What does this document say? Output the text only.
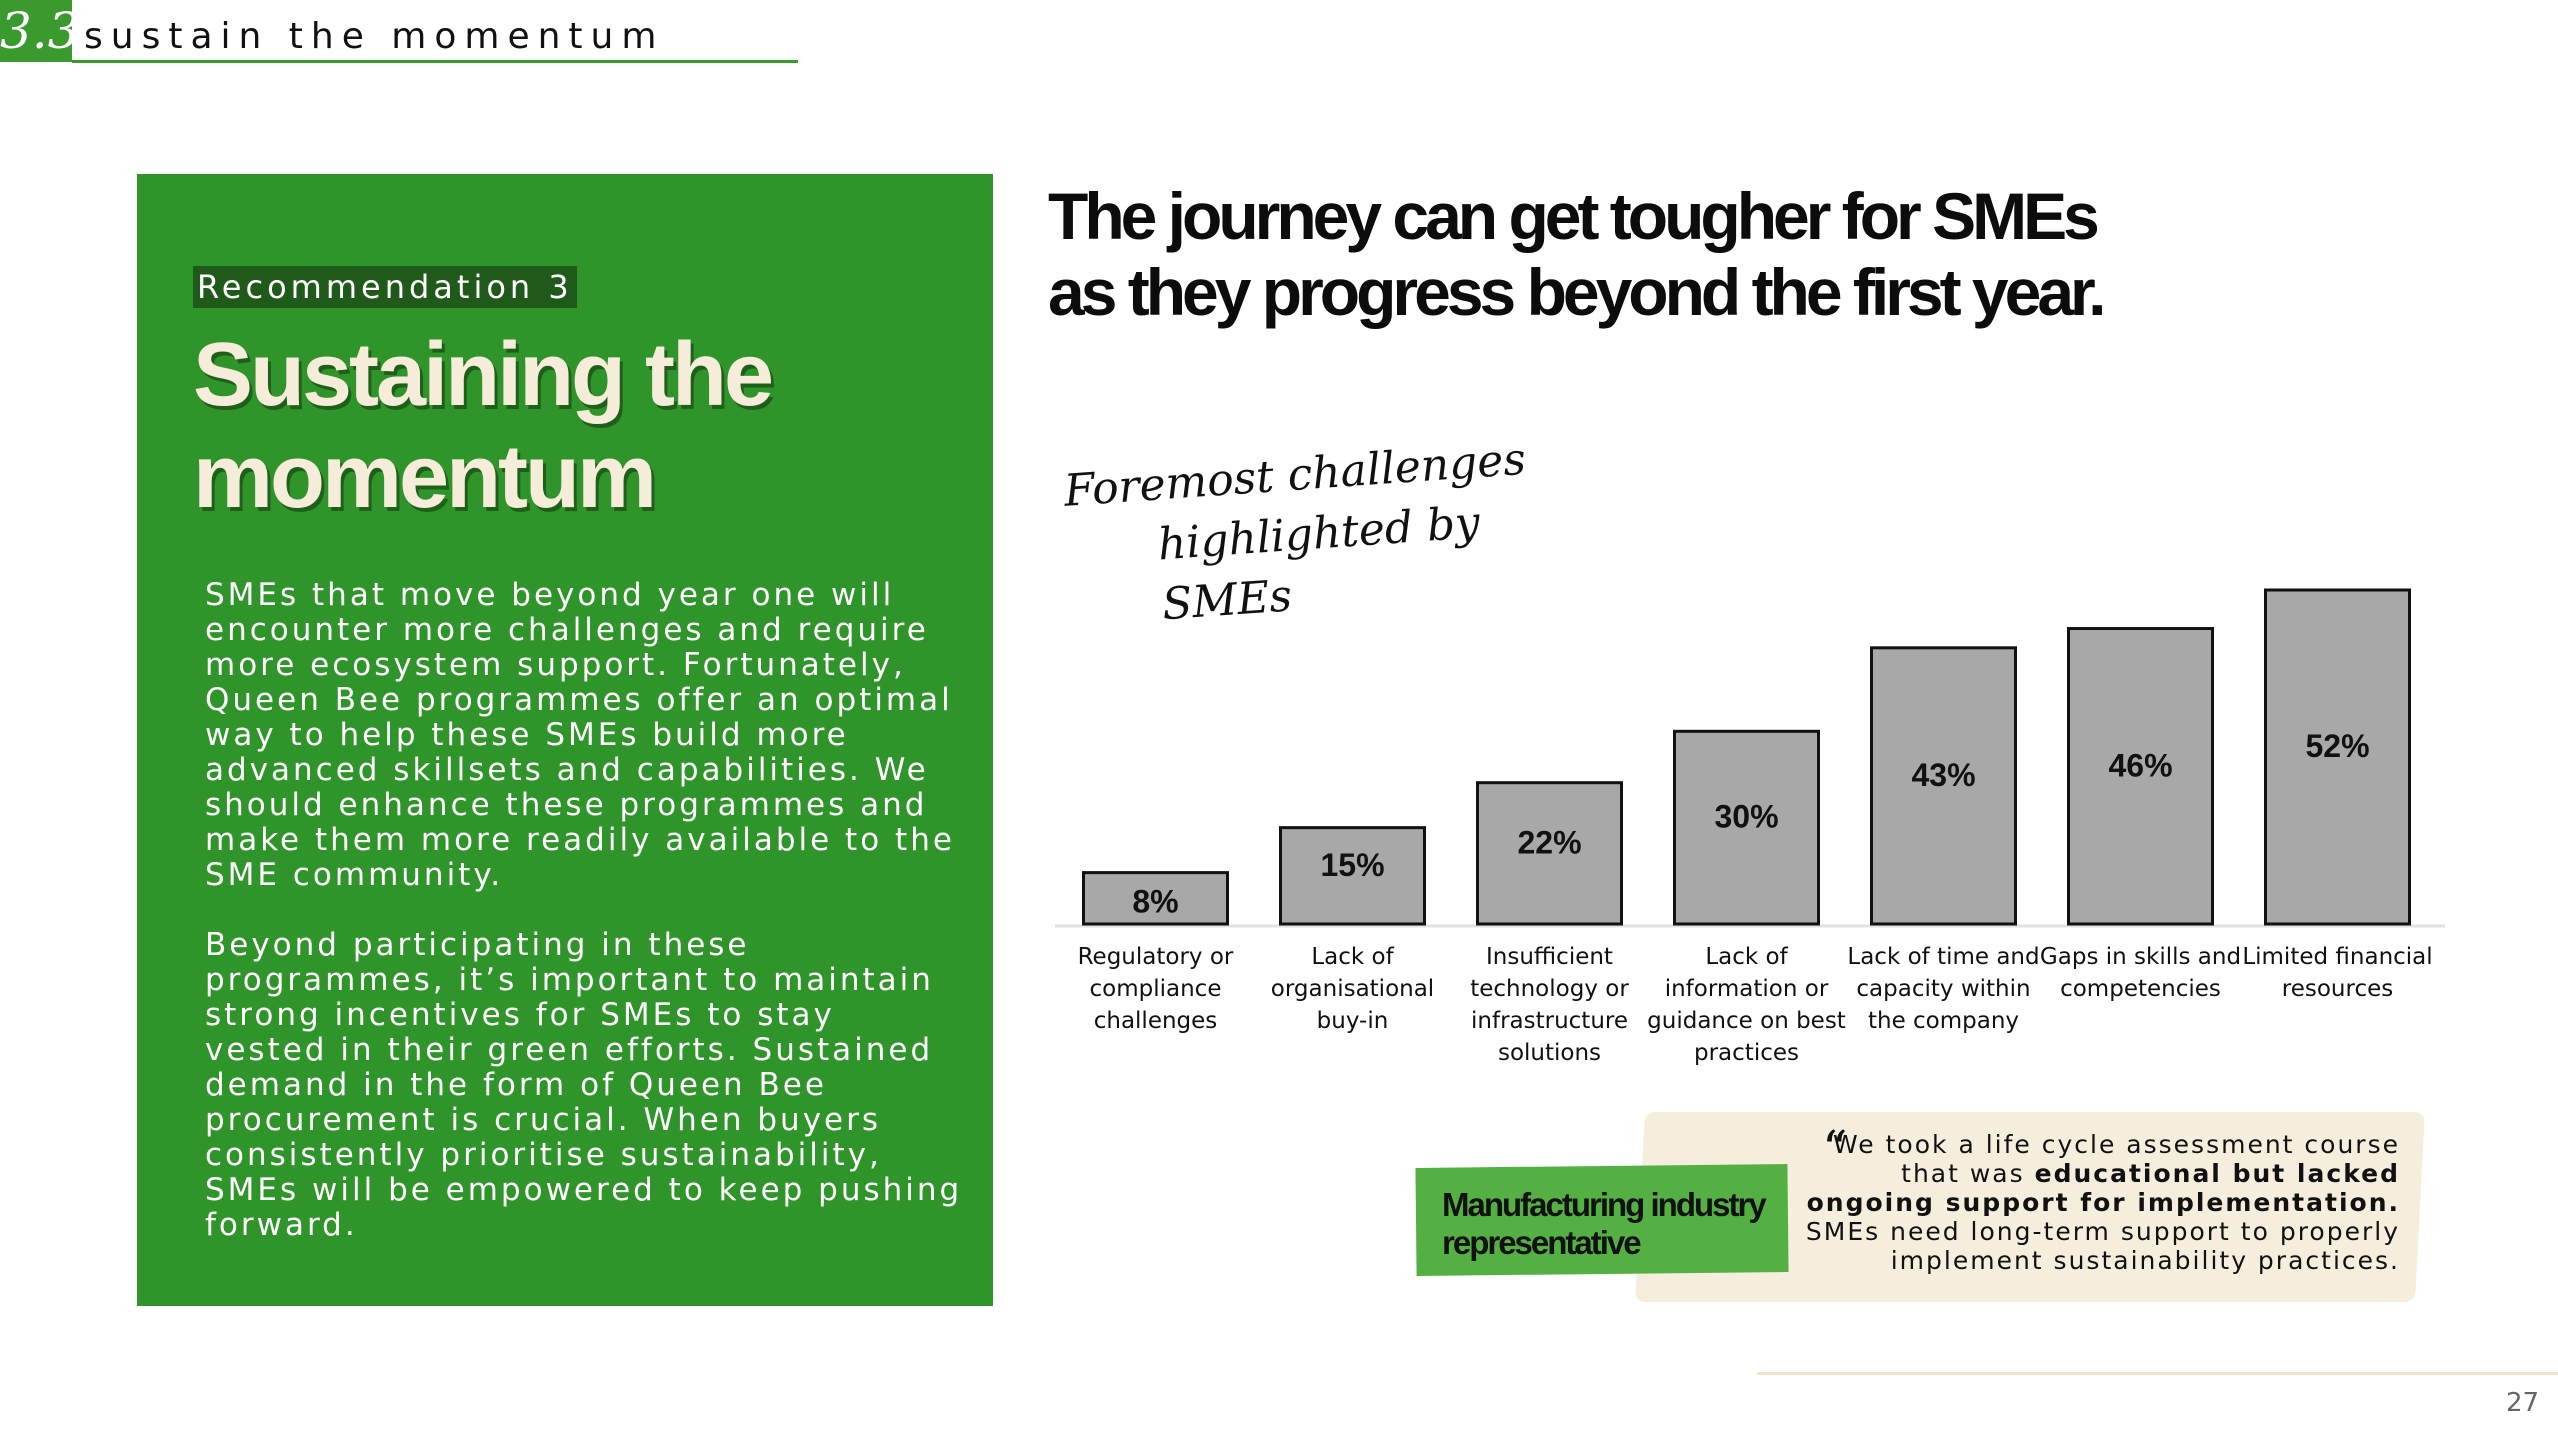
3.3 sustain the momentum
Recommendation 3
Sustaining the momentum

SMEs that move beyond year one will encounter more challenges and require more ecosystem support. Fortunately, Queen Bee programmes offer an optimal way to help these SMEs build more advanced skillsets and capabilities. We should enhance these programmes and make them more readily available to the SME community.

Beyond participating in these programmes, it’s important to maintain strong incentives for SMEs to stay vested in their green efforts. Sustained demand in the form of Queen Bee procurement is crucial. When buyers consistently prioritise sustainability, SMEs will be empowered to keep pushing forward.

The journey can get tougher for SMEs
as they progress beyond the first year.
Foremost challenges
highlighted by SMEs
8%
Regulatory or compliance challenges
15%
Lack of organisational buy-in
22%
Insufficient technology or infrastructure solutions
30%
Lack of information or guidance on best practices
43%
Lack of time and capacity within the company
46%
Gaps in skills and competencies
52%
Limited financial resources
Manufacturing industry representative
“
We took a life cycle assessment course that was educational but lacked ongoing support for implementation. SMEs need long-term support to properly implement sustainability practices.
27
